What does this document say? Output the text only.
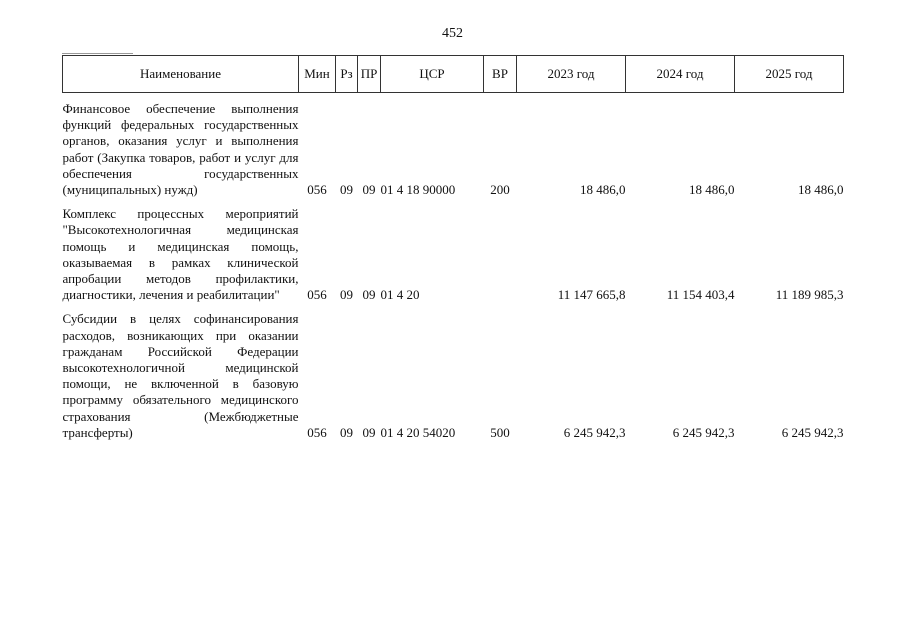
452
Наименование	Мин	Рз	ПР	ЦСР	ВР	2023 год	2024 год	2025 год

Финансовое обеспечение выполнения функций федеральных государственных органов, оказания услуг и выполнения работ (Закупка товаров, работ и услуг для обеспечения государственных (муниципальных) нужд)	056	09	09	01 4 18 90000	200	18 486,0	18 486,0	18 486,0

Комплекс процессных мероприятий "Высокотехнологичная медицинская помощь и медицинская помощь, оказываемая в рамках клинической апробации методов профилактики, диагностики, лечения и реабилитации"	056	09	09	01 4 20		11 147 665,8	11 154 403,4	11 189 985,3

Субсидии в целях софинансирования расходов, возникающих при оказании гражданам Российской Федерации высокотехнологичной медицинской помощи, не включенной в базовую программу обязательного медицинского страхования (Межбюджетные трансферты)	056	09	09	01 4 20 54020	500	6 245 942,3	6 245 942,3	6 245 942,3
